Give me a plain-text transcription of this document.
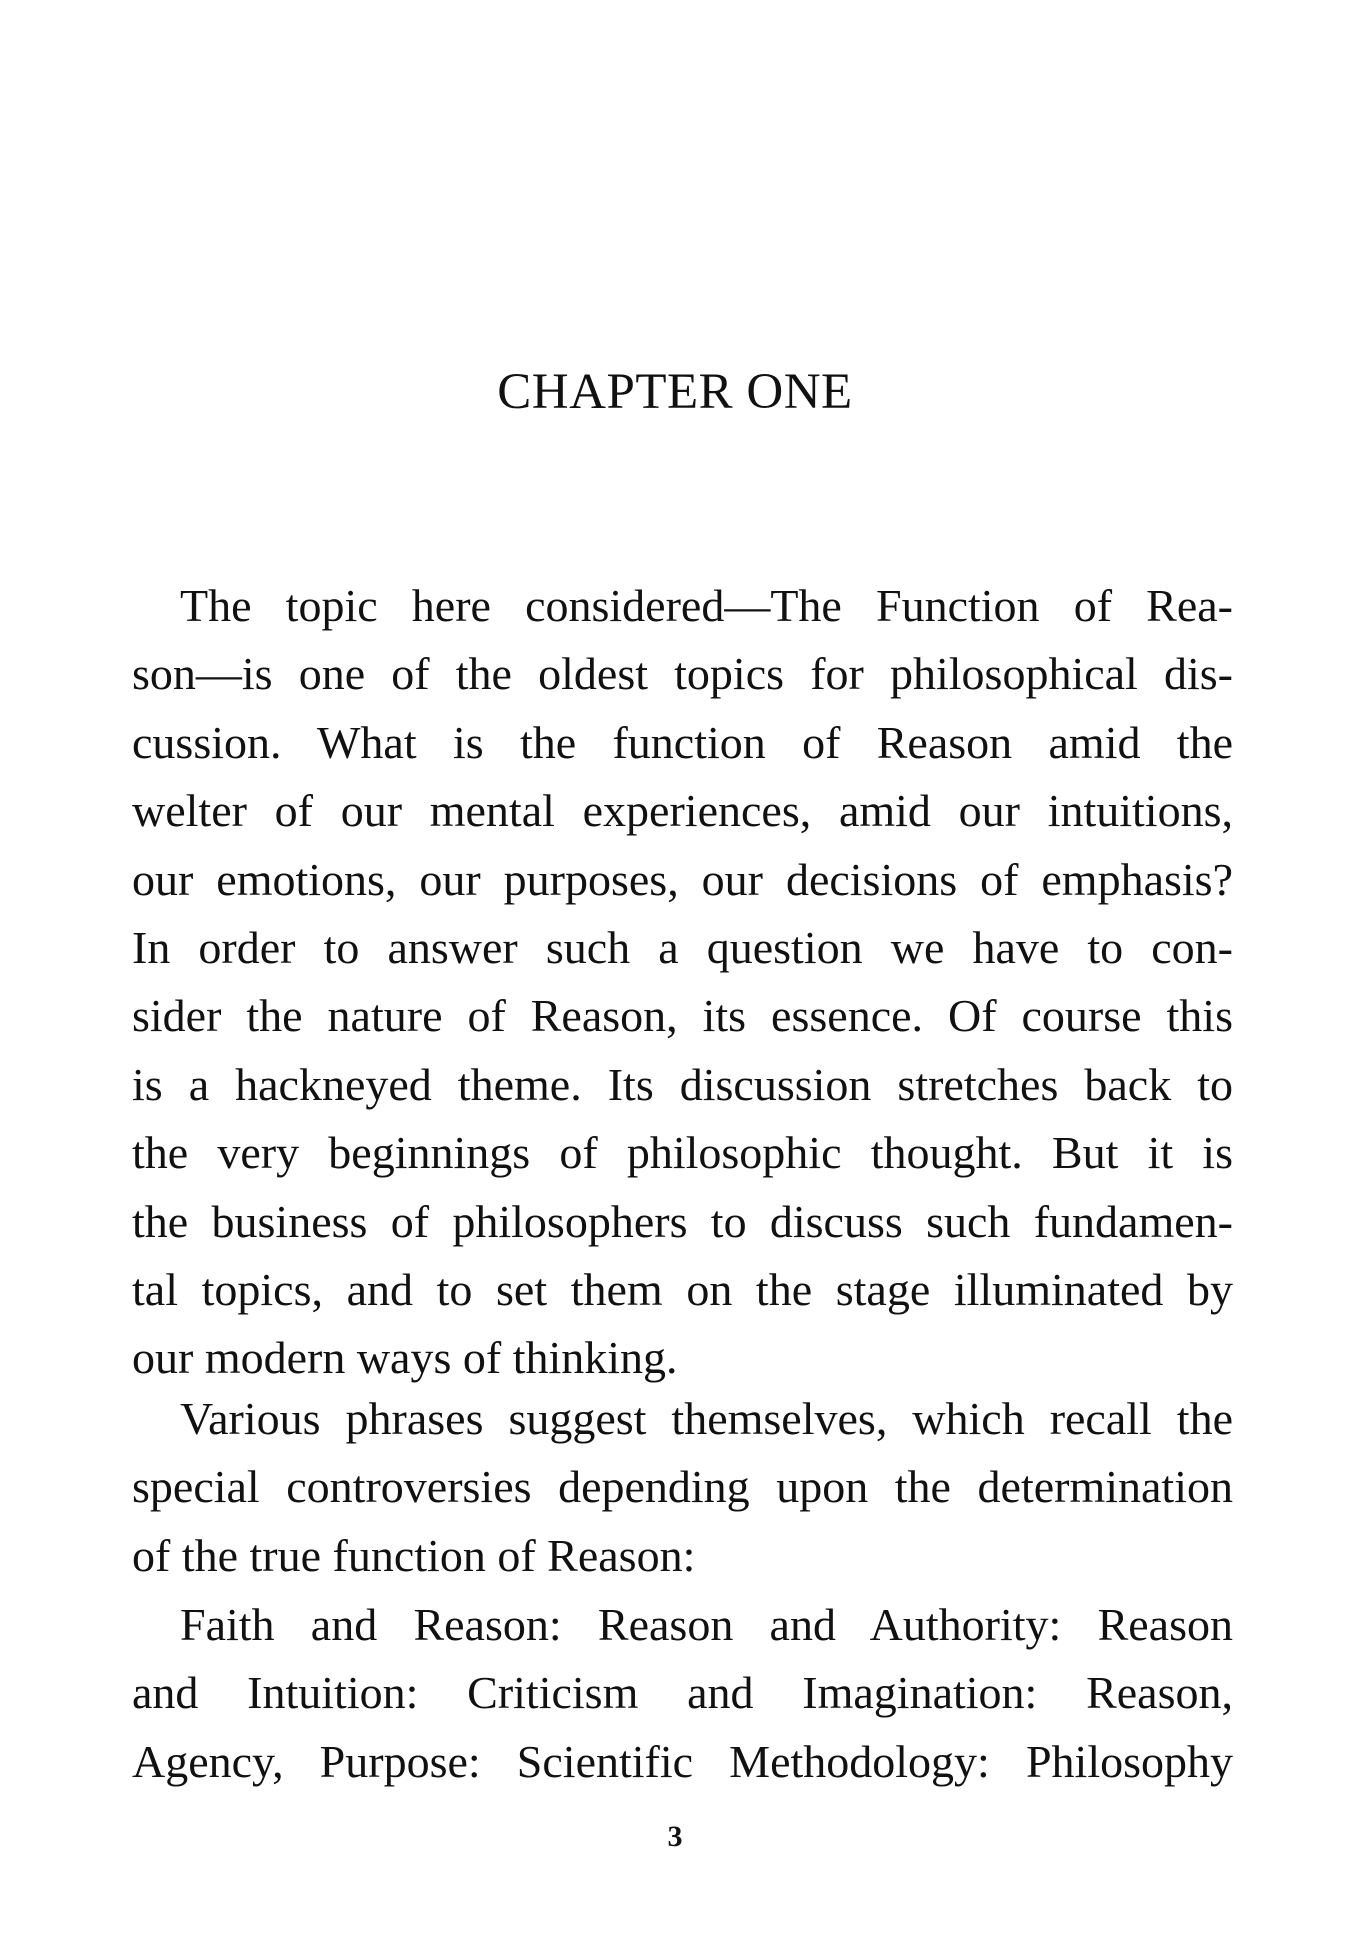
CHAPTER ONE
The topic here considered—The Function of Rea-
son—is one of the oldest topics for philosophical dis-
cussion. What is the function of Reason amid the
welter of our mental experiences, amid our intuitions,
our emotions, our purposes, our decisions of emphasis?
In order to answer such a question we have to con-
sider the nature of Reason, its essence. Of course this
is a hackneyed theme. Its discussion stretches back to
the very beginnings of philosophic thought. But it is
the business of philosophers to discuss such fundamen-
tal topics, and to set them on the stage illuminated by
our modern ways of thinking.
Various phrases suggest themselves, which recall the
special controversies depending upon the determination
of the true function of Reason:
Faith and Reason: Reason and Authority: Reason
and Intuition: Criticism and Imagination: Reason,
Agency, Purpose: Scientific Methodology: Philosophy
3
